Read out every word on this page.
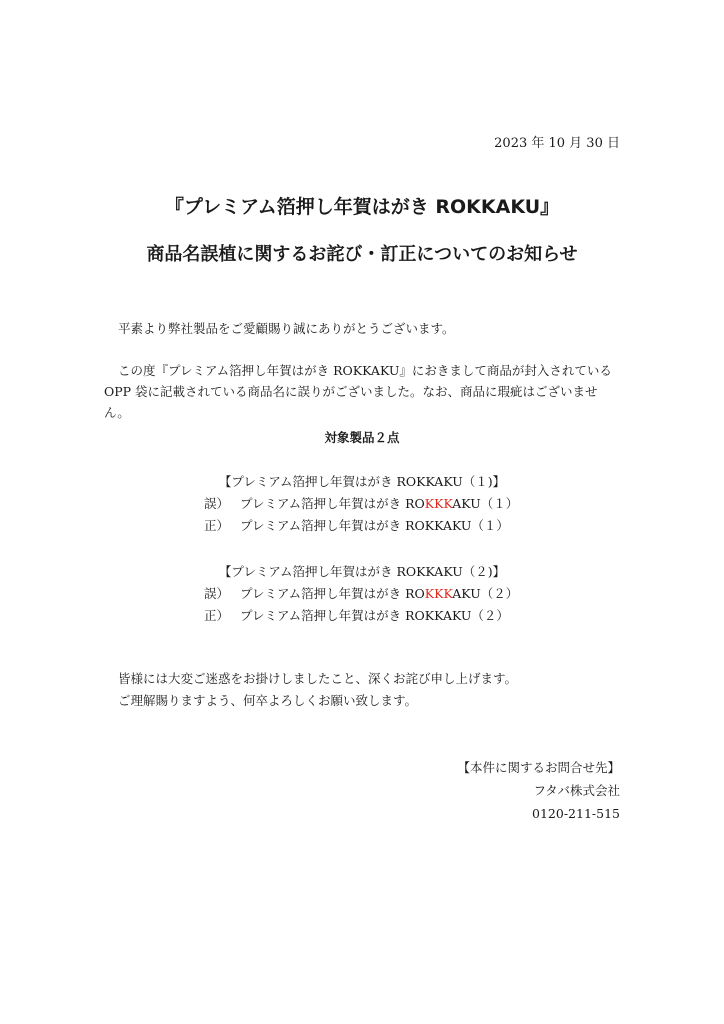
2023 年 10 月 30 日
『プレミアム箔押し年賀はがき ROKKAKU』
商品名誤植に関するお詫び・訂正についてのお知らせ
平素より弊社製品をご愛顧賜り誠にありがとうございます。
この度『プレミアム箔押し年賀はがき ROKKAKU』におきまして商品が封入されている
OPP 袋に記載されている商品名に誤りがございました。なお、商品に瑕疵はございませ
ん。
対象製品２点
【プレミアム箔押し年賀はがき ROKKAKU（１)】
誤） プレミアム箔押し年賀はがき ROKKKAKU（１）
正） プレミアム箔押し年賀はがき ROKKAKU（１）
【プレミアム箔押し年賀はがき ROKKAKU（２)】
誤） プレミアム箔押し年賀はがき ROKKKAKU（２）
正） プレミアム箔押し年賀はがき ROKKAKU（２）
皆様には大変ご迷惑をお掛けしましたこと、深くお詫び申し上げます。
ご理解賜りますよう、何卒よろしくお願い致します。
【本件に関するお問合せ先】
フタバ株式会社
0120-211-515
